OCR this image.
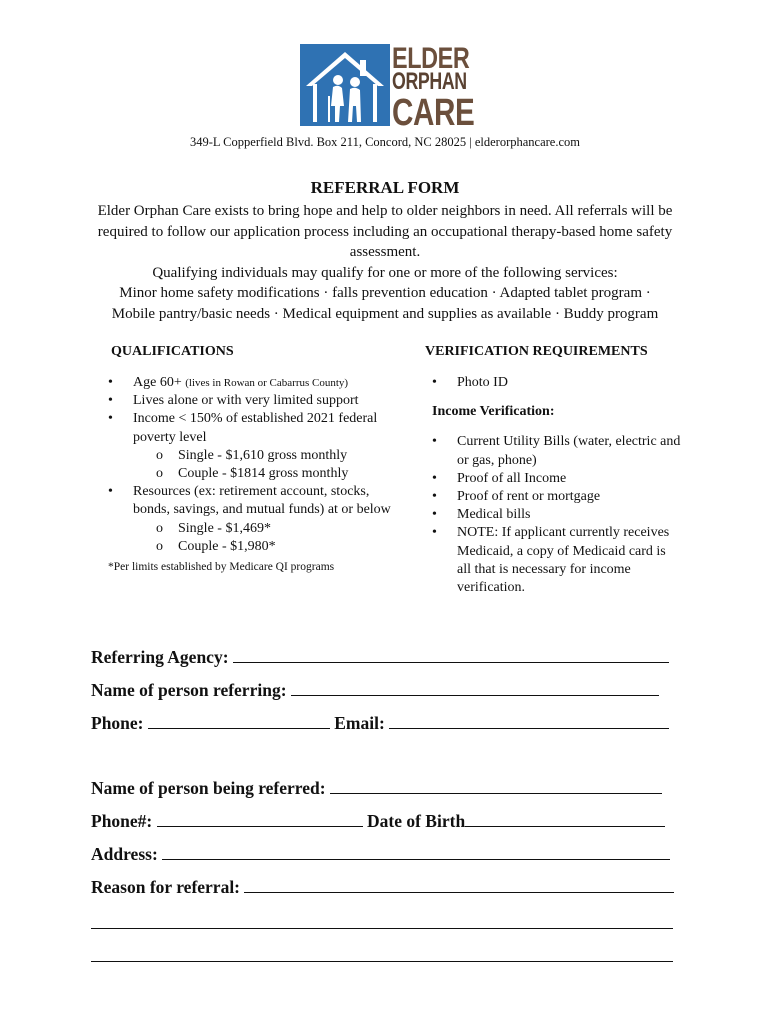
ELDER
ORPHAN
CARE
349-L Copperfield Blvd. Box 211, Concord, NC 28025 | elderorphancare.com
REFERRAL FORM

Elder Orphan Care exists to bring hope and help to older neighbors in need. All referrals will be required to follow our application process including an occupational therapy-based home safety assessment.

Qualifying individuals may qualify for one or more of the following services:

Minor home safety modifications · falls prevention education · Adapted tablet program ·

Mobile pantry/basic needs · Medical equipment and supplies as available · Buddy program

QUALIFICATIONS	VERIFICATION REQUIREMENTS
•	Age 60+ (lives in Rowan or Cabarrus County)
•	Lives alone or with very limited support
•	Income < 150% of established 2021 federal poverty level
o	Single - $1,610 gross monthly
o	Couple - $1814 gross monthly
•	Resources (ex: retirement account, stocks, bonds, savings, and mutual funds) at or below
o	Single - $1,469*
o	Couple - $1,980*
*Per limits established by Medicare QI programs
•	Photo ID
Income Verification:
•	Current Utility Bills (water, electric and or gas, phone)
•	Proof of all Income
•	Proof of rent or mortgage
•	Medical bills
•	NOTE: If applicant currently receives Medicaid, a copy of Medicaid card is all that is necessary for income verification.
Referring Agency:
Name of person referring:
Phone:	Email:
Name of person being referred:
Phone#:	Date of Birth
Address:
Reason for referral:
